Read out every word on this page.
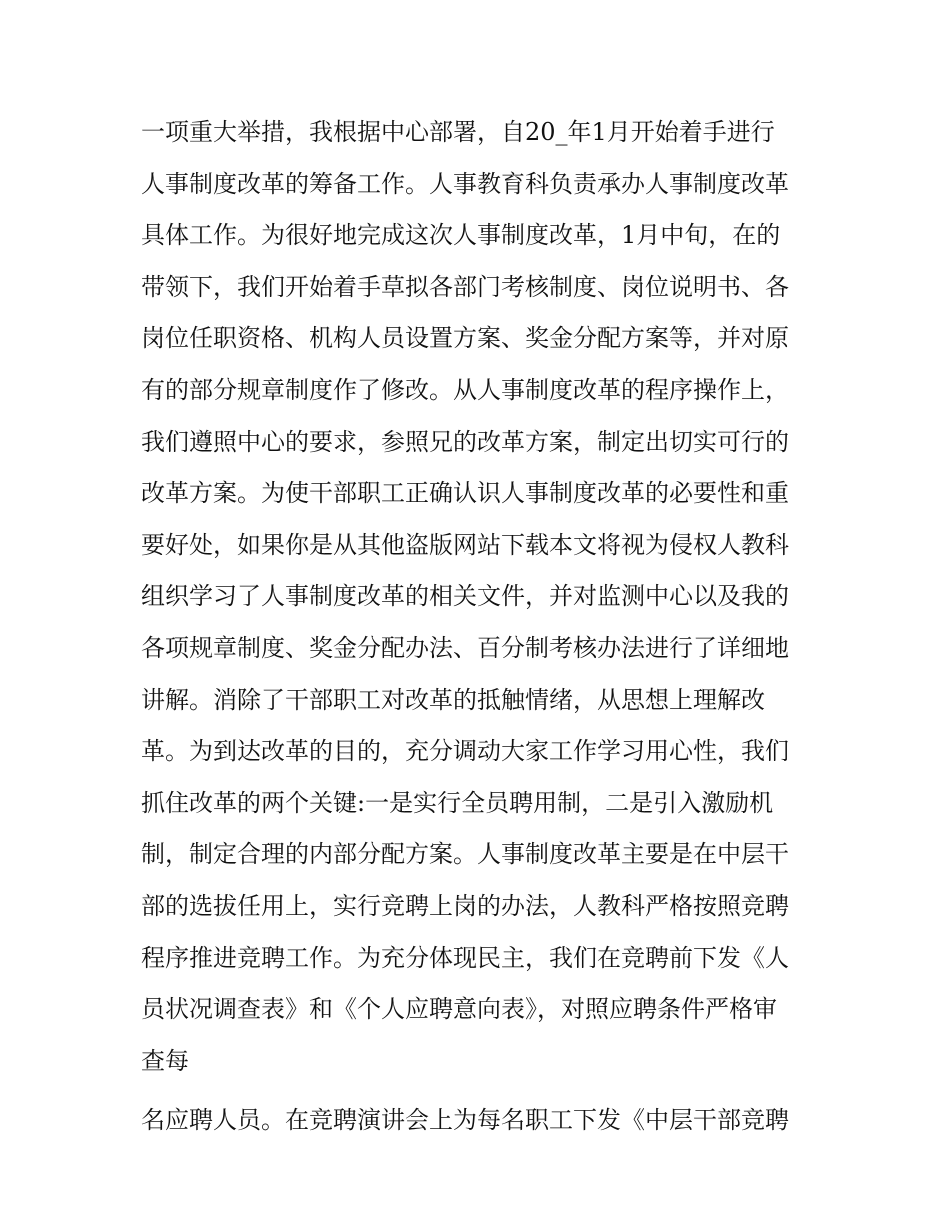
一项重大举措，我根据中心部署，自20_年1月开始着手进行
人事制度改革的筹备工作。人事教育科负责承办人事制度改革
具体工作。为很好地完成这次人事制度改革，1月中旬，在的
带领下，我们开始着手草拟各部门考核制度、岗位说明书、各
岗位任职资格、机构人员设置方案、奖金分配方案等，并对原
有的部分规章制度作了修改。从人事制度改革的程序操作上，
我们遵照中心的要求，参照兄的改革方案，制定出切实可行的
改革方案。为使干部职工正确认识人事制度改革的必要性和重
要好处，如果你是从其他盗版网站下载本文将视为侵权人教科
组织学习了人事制度改革的相关文件，并对监测中心以及我的
各项规章制度、奖金分配办法、百分制考核办法进行了详细地
讲解。消除了干部职工对改革的抵触情绪，从思想上理解改
革。为到达改革的目的，充分调动大家工作学习用心性，我们
抓住改革的两个关键:一是实行全员聘用制，二是引入激励机
制，制定合理的内部分配方案。人事制度改革主要是在中层干
部的选拔任用上，实行竞聘上岗的办法，人教科严格按照竞聘
程序推进竞聘工作。为充分体现民主，我们在竞聘前下发《人
员状况调查表》和《个人应聘意向表》，对照应聘条件严格审
查每
名应聘人员。在竞聘演讲会上为每名职工下发《中层干部竞聘
